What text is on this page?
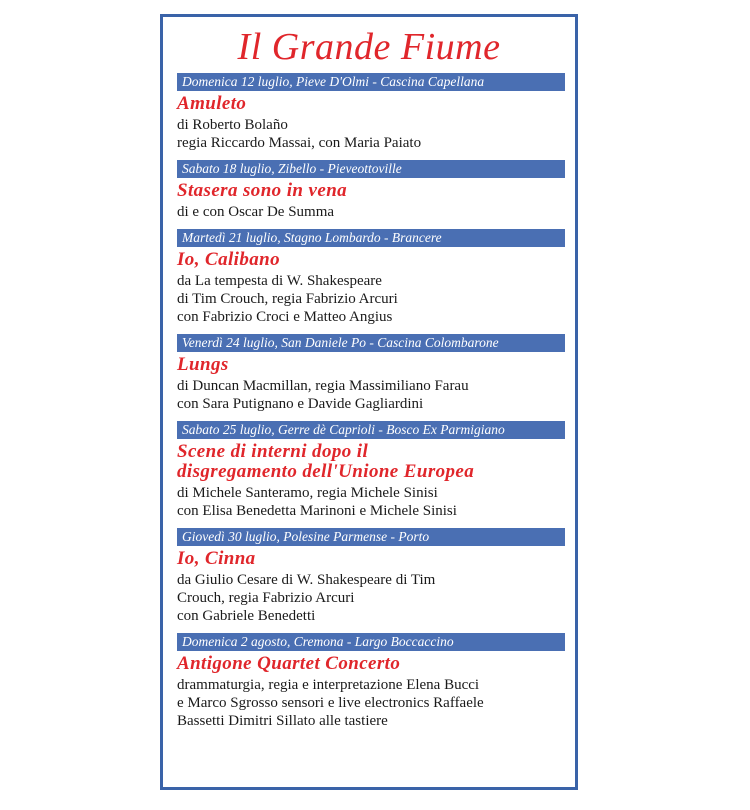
Il Grande Fiume
Domenica 12 luglio, Pieve D'Olmi - Cascina Capellana
Amuleto
di Roberto Bolaño
regia Riccardo Massai, con Maria Paiato
Sabato 18 luglio, Zibello - Pieveottoville
Stasera sono in vena
di e con Oscar De Summa
Martedì 21 luglio, Stagno Lombardo - Brancere
Io, Calibano
da La tempesta di W. Shakespeare
di Tim Crouch, regia Fabrizio Arcuri
con Fabrizio Croci e Matteo Angius
Venerdì 24 luglio, San Daniele Po - Cascina Colombarone
Lungs
di Duncan Macmillan, regia Massimiliano Farau
con Sara Putignano e Davide Gagliardini
Sabato 25 luglio, Gerre dè Caprioli - Bosco Ex Parmigiano
Scene di interni dopo il
disgregamento dell'Unione Europea
di Michele Santeramo, regia Michele Sinisi
con Elisa Benedetta Marinoni e Michele Sinisi
Giovedì 30 luglio, Polesine Parmense - Porto
Io, Cinna
da Giulio Cesare di W. Shakespeare di Tim
Crouch, regia Fabrizio Arcuri
con Gabriele Benedetti
Domenica 2 agosto, Cremona - Largo Boccaccino
Antigone Quartet Concerto
drammaturgia, regia e interpretazione Elena Bucci
e Marco Sgrosso sensori e live electronics Raffaele
Bassetti Dimitri Sillato alle tastiere
